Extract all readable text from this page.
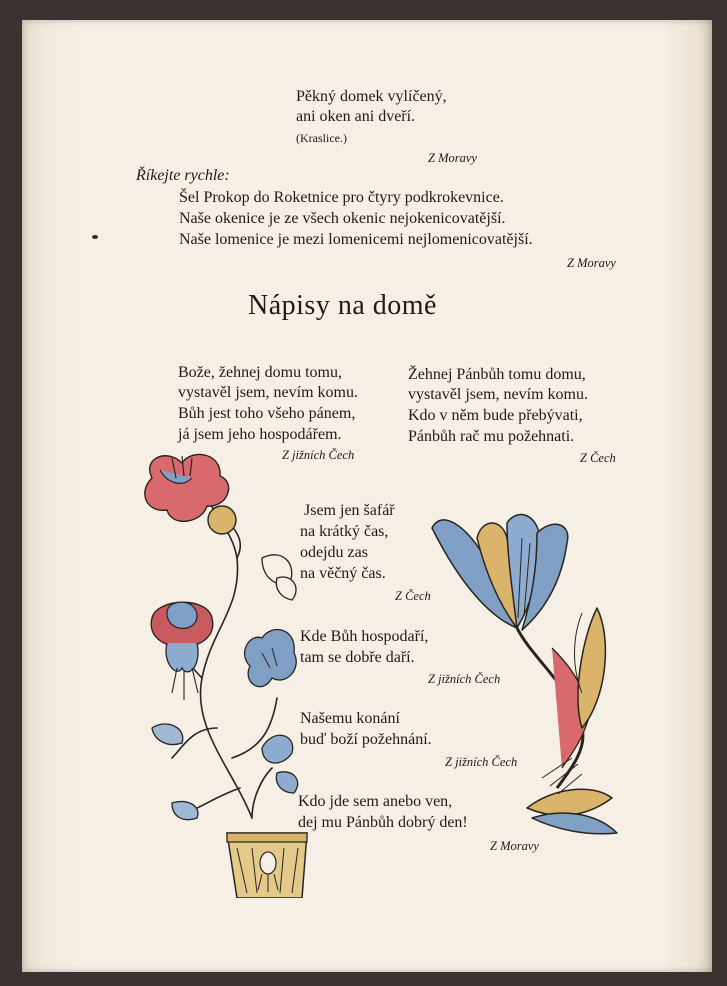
Pěkný domek vylíčený,
ani oken ani dveří.
(Kraslice.)
Z Moravy
Říkejte rychle:
Šel Prokop do Roketnice pro čtyry podkrokevnice.
Naše okenice je ze všech okenic nejokenicovatější.
Naše lomenice je mezi lomenicemi nejlomenicovatější.
Z Moravy
Nápisy na domě
Bože, žehnej domu tomu,
vystavěl jsem, nevím komu.
Bůh jest toho všeho pánem,
já jsem jeho hospodářem.
Z jižních Čech
Žehnej Pánbůh tomu domu,
vystavěl jsem, nevím komu.
Kdo v něm bude přebývati,
Pánbůh rač mu požehnati.
Z Čech
Jsem jen šafář
na krátký čas,
odejdu zas
na věčný čas.
Z Čech
Kde Bůh hospodaří,
tam se dobře daří.
Z jižních Čech
Našemu konání
buď boží požehnání.
Z jižních Čech
Kdo jde sem anebo ven,
dej mu Pánbůh dobrý den!
Z Moravy
